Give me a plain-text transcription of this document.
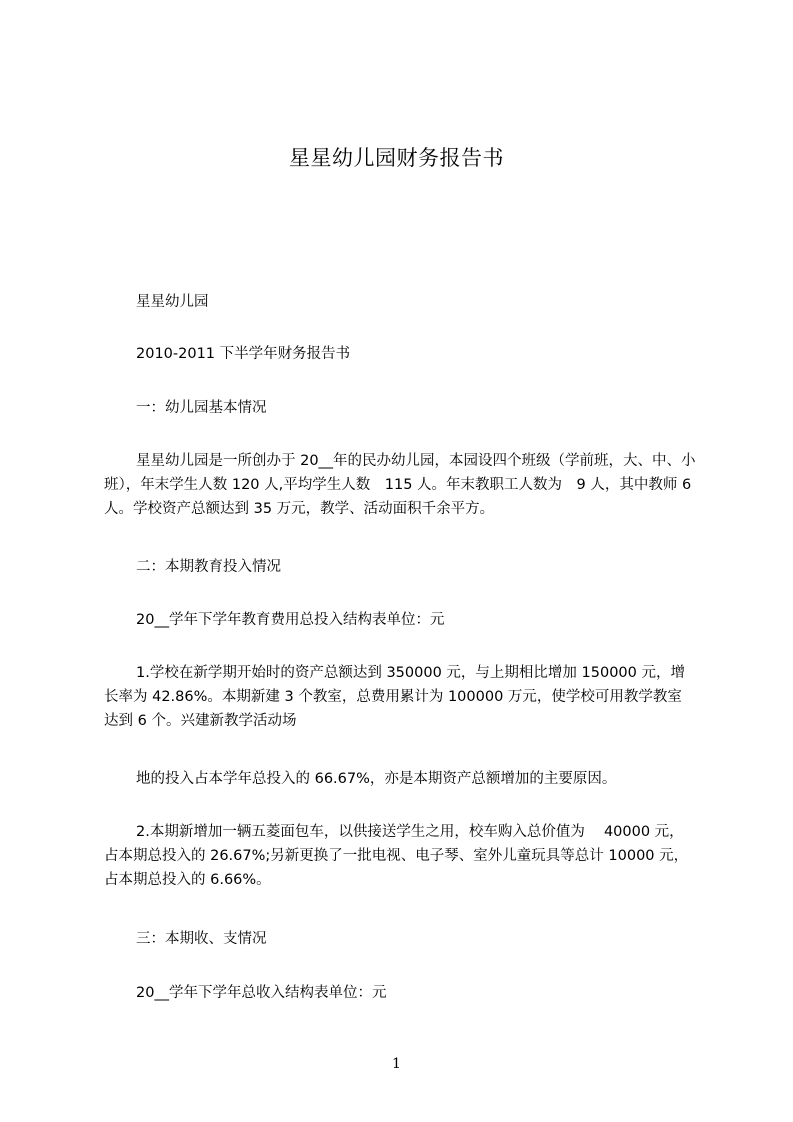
星星幼儿园财务报告书
星星幼儿园
2010-2011 下半学年财务报告书
一：幼儿园基本情况
星星幼儿园是一所创办于 20__年的民办幼儿园，本园设四个班级（学前班，大、中、小班），年末学生人数 120 人,平均学生人数　115 人。年末教职工人数为　9 人，其中教师 6 人。学校资产总额达到 35 万元，教学、活动面积千余平方。
二：本期教育投入情况
20__学年下学年教育费用总投入结构表单位：元
1.学校在新学期开始时的资产总额达到 350000 元，与上期相比增加 150000 元，增长率为 42.86%。本期新建 3 个教室，总费用累计为 100000 万元，使学校可用教学教室达到 6 个。兴建新教学活动场
地的投入占本学年总投入的 66.67%，亦是本期资产总额增加的主要原因。
2.本期新增加一辆五菱面包车，以供接送学生之用，校车购入总价值为　 40000 元，占本期总投入的 26.67%;另新更换了一批电视、电子琴、室外儿童玩具等总计 10000 元，占本期总投入的 6.66%。
三：本期收、支情况
20__学年下学年总收入结构表单位：元
1
